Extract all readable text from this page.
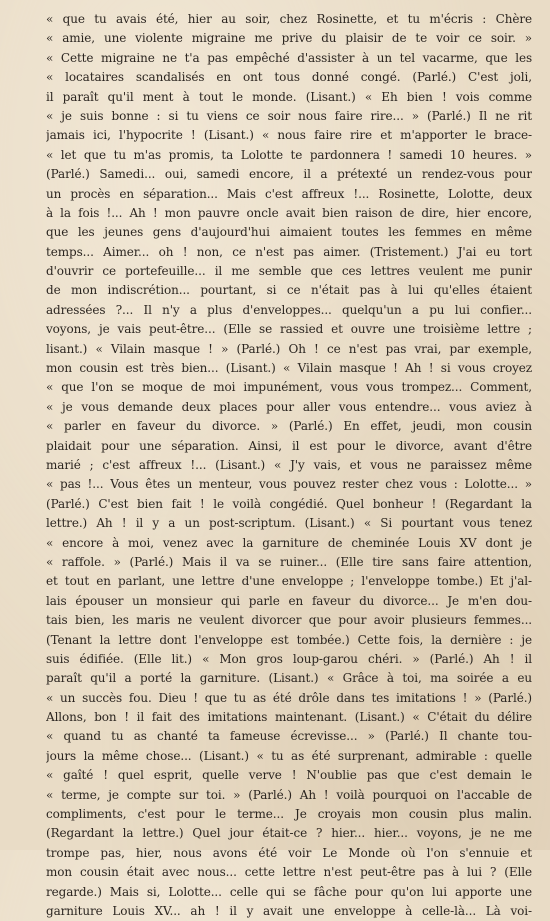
« que tu avais été, hier au soir, chez Rosinette, et tu m'écris : Chère
« amie, une violente migraine me prive du plaisir de te voir ce soir. »
« Cette migraine ne t'a pas empêché d'assister à un tel vacarme, que les
« locataires scandalisés en ont tous donné congé. (Parlé.) C'est joli,
il paraît qu'il ment à tout le monde. (Lisant.) « Eh bien ! vois comme
« je suis bonne : si tu viens ce soir nous faire rire... » (Parlé.) Il ne rit
jamais ici, l'hypocrite ! (Lisant.) « nous faire rire et m'apporter le brace-
« let que tu m'as promis, ta Lolotte te pardonnera ! samedi 10 heures. »
(Parlé.) Samedi... oui, samedi encore, il a prétexté un rendez-vous pour
un procès en séparation... Mais c'est affreux !... Rosinette, Lolotte, deux
à la fois !... Ah ! mon pauvre oncle avait bien raison de dire, hier encore,
que les jeunes gens d'aujourd'hui aimaient toutes les femmes en même
temps... Aimer... oh ! non, ce n'est pas aimer. (Tristement.) J'ai eu tort
d'ouvrir ce portefeuille... il me semble que ces lettres veulent me punir
de mon indiscrétion... pourtant, si ce n'était pas à lui qu'elles étaient
adressées ?... Il n'y a plus d'enveloppes... quelqu'un a pu lui confier...
voyons, je vais peut-être... (Elle se rassied et ouvre une troisième lettre ;
lisant.) « Vilain masque ! » (Parlé.) Oh ! ce n'est pas vrai, par exemple,
mon cousin est très bien... (Lisant.) « Vilain masque ! Ah ! si vous croyez
« que l'on se moque de moi impunément, vous vous trompez... Comment,
« je vous demande deux places pour aller vous entendre... vous aviez à
« parler en faveur du divorce. » (Parlé.) En effet, jeudi, mon cousin
plaidait pour une séparation. Ainsi, il est pour le divorce, avant d'être
marié ; c'est affreux !... (Lisant.) « J'y vais, et vous ne paraissez même
« pas !... Vous êtes un menteur, vous pouvez rester chez vous : Lolotte... »
(Parlé.) C'est bien fait ! le voilà congédié. Quel bonheur ! (Regardant la
lettre.) Ah ! il y a un post-scriptum. (Lisant.) « Si pourtant vous tenez
« encore à moi, venez avec la garniture de cheminée Louis XV dont je
« raffole. » (Parlé.) Mais il va se ruiner... (Elle tire sans faire attention,
et tout en parlant, une lettre d'une enveloppe ; l'enveloppe tombe.) Et j'al-
lais épouser un monsieur qui parle en faveur du divorce... Je m'en dou-
tais bien, les maris ne veulent divorcer que pour avoir plusieurs femmes...
(Tenant la lettre dont l'enveloppe est tombée.) Cette fois, la dernière : je
suis édifiée. (Elle lit.) « Mon gros loup-garou chéri. » (Parlé.) Ah ! il
paraît qu'il a porté la garniture. (Lisant.) « Grâce à toi, ma soirée a eu
« un succès fou. Dieu ! que tu as été drôle dans tes imitations ! » (Parlé.)
Allons, bon ! il fait des imitations maintenant. (Lisant.) « C'était du délire
« quand tu as chanté ta fameuse écrevisse... » (Parlé.) Il chante tou-
jours la même chose... (Lisant.) « tu as été surprenant, admirable : quelle
« gaîté ! quel esprit, quelle verve ! N'oublie pas que c'est demain le
« terme, je compte sur toi. » (Parlé.) Ah ! voilà pourquoi on l'accable de
compliments, c'est pour le terme... Je croyais mon cousin plus malin.
(Regardant la lettre.) Quel jour était-ce ? hier... hier... voyons, je ne me
trompe pas, hier, nous avons été voir Le Monde où l'on s'ennuie et
mon cousin était avec nous... cette lettre n'est peut-être pas à lui ? (Elle
regarde.) Mais si, Lolotte... celle qui se fâche pour qu'on lui apporte une
garniture Louis XV... ah ! il y avait une enveloppe à celle-là... Là voi-
